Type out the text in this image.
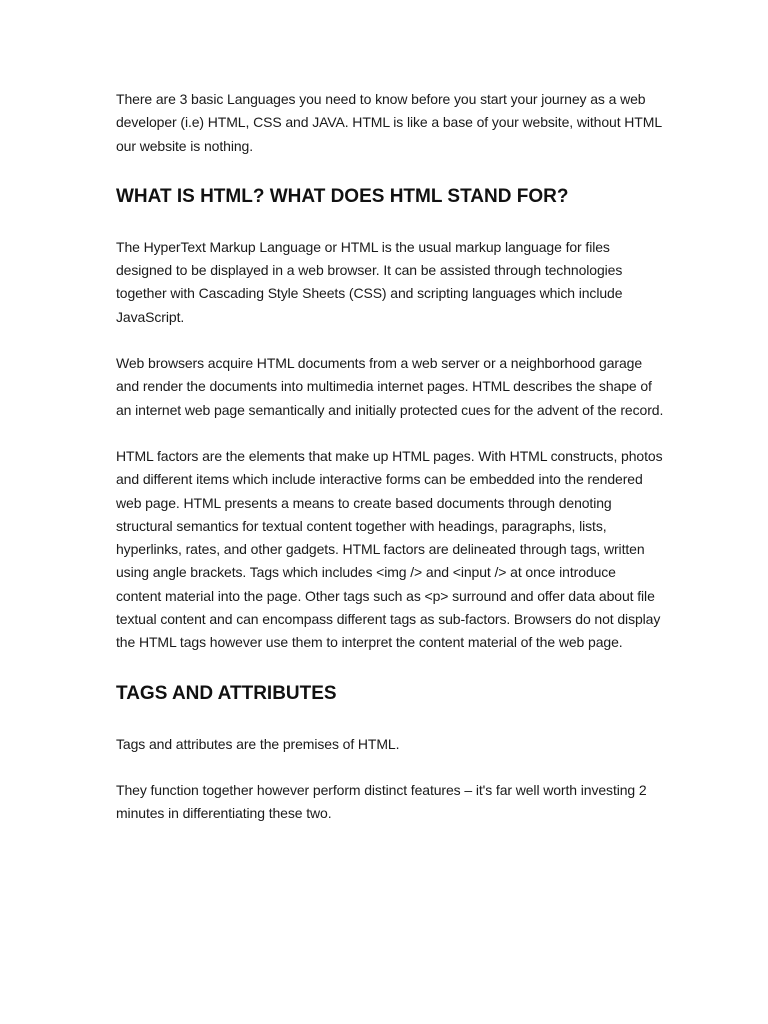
There are 3 basic Languages you need to know before you start your journey as a web developer (i.e) HTML, CSS and JAVA. HTML is like a base of your website, without HTML our website is nothing.

WHAT IS HTML? WHAT DOES HTML STAND FOR?

The HyperText Markup Language or HTML is the usual markup language for files designed to be displayed in a web browser. It can be assisted through technologies together with Cascading Style Sheets (CSS) and scripting languages which include JavaScript.

Web browsers acquire HTML documents from a web server or a neighborhood garage and render the documents into multimedia internet pages. HTML describes the shape of an internet web page semantically and initially protected cues for the advent of the record.

HTML factors are the elements that make up HTML pages. With HTML constructs, photos and different items which include interactive forms can be embedded into the rendered web page. HTML presents a means to create based documents through denoting structural semantics for textual content together with headings, paragraphs, lists, hyperlinks, rates, and other gadgets. HTML factors are delineated through tags, written using angle brackets. Tags which includes <img /> and <input /> at once introduce content material into the page. Other tags such as <p> surround and offer data about file textual content and can encompass different tags as sub-factors. Browsers do not display the HTML tags however use them to interpret the content material of the web page.

TAGS AND ATTRIBUTES

Tags and attributes are the premises of HTML.

They function together however perform distinct features – it's far well worth investing 2 minutes in differentiating these two.
